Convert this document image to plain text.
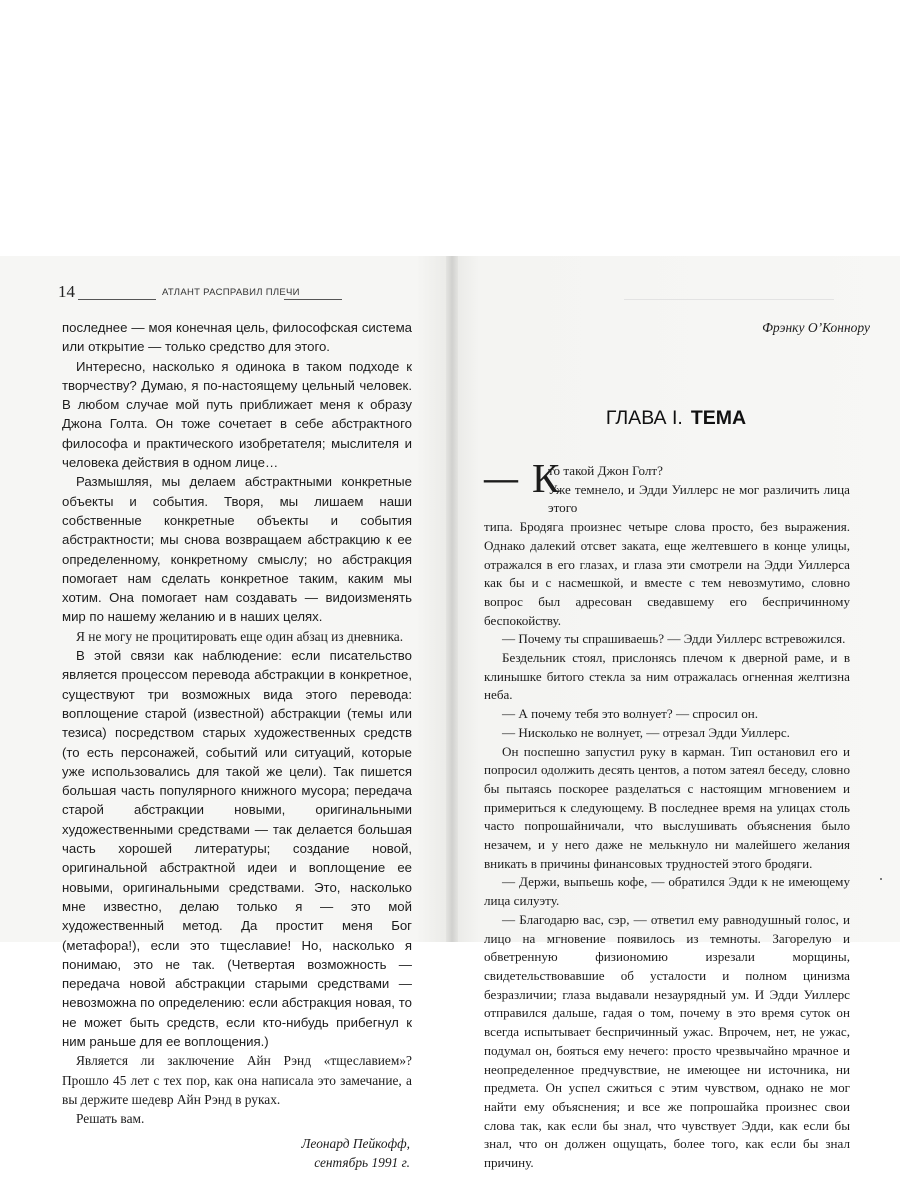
14	АТЛАНТ РАСПРАВИЛ ПЛЕЧИ

последнее — моя конечная цель, философская система или открытие — только средство для этого.

Интересно, насколько я одинока в таком подходе к творчеству? Думаю, я по-настоящему цельный человек. В любом случае мой путь приближает меня к образу Джона Голта. Он тоже сочетает в себе абстрактного философа и практического изобретателя; мыслителя и человека действия в одном лице…

Размышляя, мы делаем абстрактными конкретные объекты и события. Творя, мы лишаем наши собственные конкретные объекты и события абстрактности; мы снова возвращаем абстракцию к ее определенному, конкретному смыслу; но абстракция помогает нам сделать конкретное таким, каким мы хотим. Она помогает нам создавать — видоизменять мир по нашему желанию и в наших целях.

Я не могу не процитировать еще один абзац из дневника.

В этой связи как наблюдение: если писательство является процессом перевода абстракции в конкретное, существуют три возможных вида этого перевода: воплощение старой (известной) абстракции (темы или тезиса) посредством старых художественных средств (то есть персонажей, событий или ситуаций, которые уже использовались для такой же цели). Так пишется большая часть популярного книжного мусора; передача старой абстракции новыми, оригинальными художественными средствами — так делается большая часть хорошей литературы; создание новой, оригинальной абстрактной идеи и воплощение ее новыми, оригинальными средствами. Это, насколько мне известно, делаю только я — это мой художественный метод. Да простит меня Бог (метафора!), если это тщеславие! Но, насколько я понимаю, это не так. (Четвертая возможность — передача новой абстракции старыми средствами — невозможна по определению: если абстракция новая, то не может быть средств, если кто-нибудь прибегнул к ним раньше для ее воплощения.)

Является ли заключение Айн Рэнд «тщеславием»? Прошло 45 лет с тех пор, как она написала это замечание, а вы держите шедевр Айн Рэнд в руках.

Решать вам.

Леонард Пейкофф,
сентябрь 1991 г.
Фрэнку О’Коннору
ГЛАВА I. ТЕМА
— К

то такой Джон Голт?

Уже темнело, и Эдди Уиллерс не мог различить лица этого

типа. Бродяга произнес четыре слова просто, без выражения. Однако далекий отсвет заката, еще желтевшего в конце улицы, отражался в его глазах, и глаза эти смотрели на Эдди Уиллерса как бы и с насмешкой, и вместе с тем невозмутимо, словно вопрос был адресован сведавшему его беспричинному беспокойству.

— Почему ты спрашиваешь? — Эдди Уиллерс встревожился.

Бездельник стоял, прислонясь плечом к дверной раме, и в клинышке битого стекла за ним отражалась огненная желтизна неба.

— А почему тебя это волнует? — спросил он.

— Нисколько не волнует, — отрезал Эдди Уиллерс.

Он поспешно запустил руку в карман. Тип остановил его и попросил одолжить десять центов, а потом затеял беседу, словно бы пытаясь поскорее разделаться с настоящим мгновением и примериться к следующему. В последнее время на улицах столь часто попрошайничали, что выслушивать объяснения было незачем, и у него даже не мелькнуло ни малейшего желания вникать в причины финансовых трудностей этого бродяги.

— Держи, выпьешь кофе, — обратился Эдди к не имеющему лица силуэту.

— Благодарю вас, сэр, — ответил ему равнодушный голос, и лицо на мгновение появилось из темноты. Загорелую и обветренную физиономию изрезали морщины, свидетельствовавшие об усталости и полном цинизма безразличии; глаза выдавали незаурядный ум. И Эдди Уиллерс отправился дальше, гадая о том, почему в это время суток он всегда испытывает беспричинный ужас. Впрочем, нет, не ужас, подумал он, бояться ему нечего: просто чрезвычайно мрачное и неопределенное предчувствие, не имеющее ни источника, ни предмета. Он успел сжиться с этим чувством, однако не мог найти ему объяснения; и все же попрошайка произнес свои слова так, как если бы знал, что чувствует Эдди, как если бы знал, что он должен ощущать, более того, как если бы знал причину.
